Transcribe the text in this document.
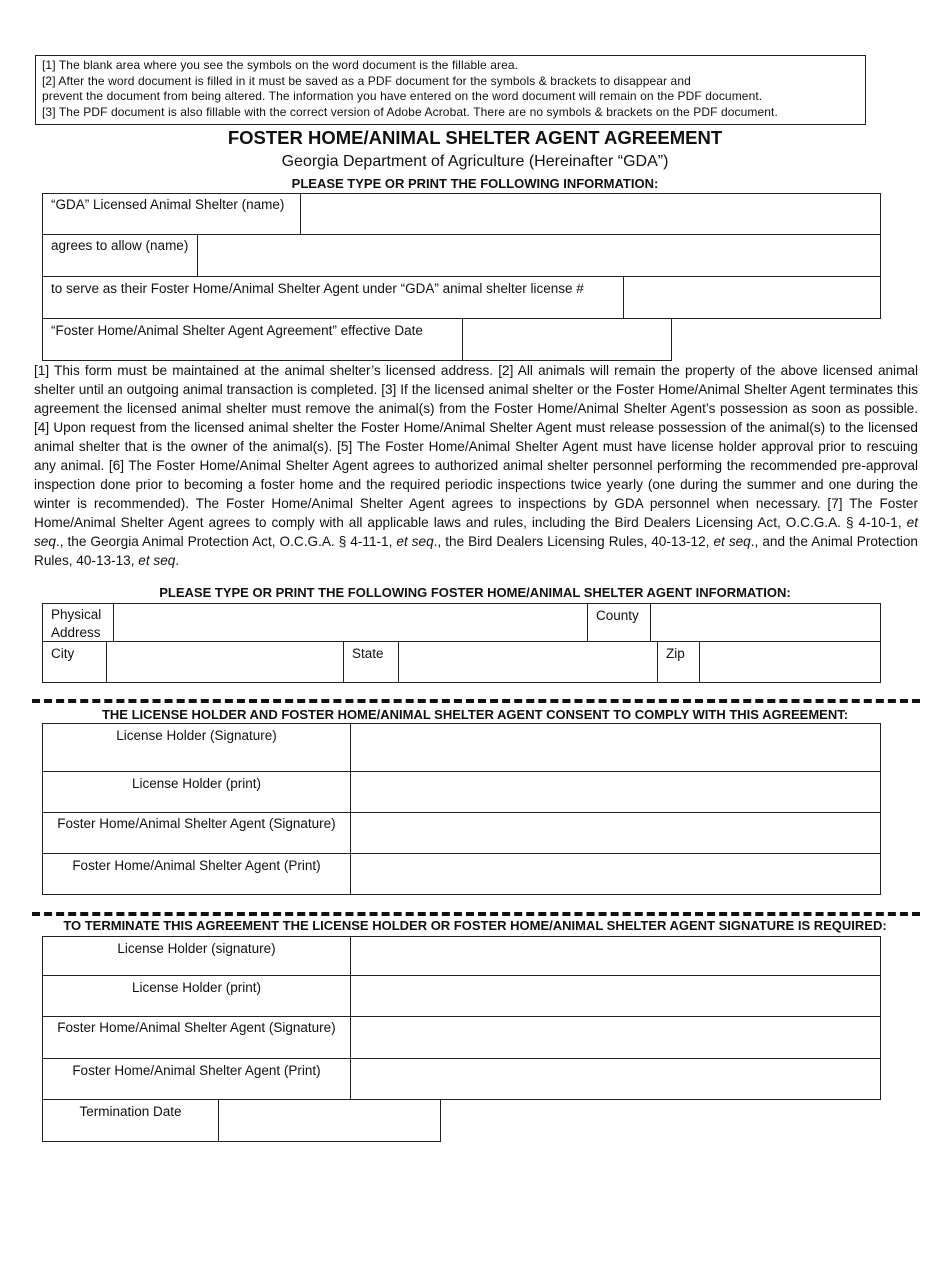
[1] The blank area where you see the symbols on the word document is the fillable area.
[2] After the word document is filled in it must be saved as a PDF document for the symbols & brackets to disappear and
prevent the document from being altered. The information you have entered on the word document will remain on the PDF document.
[3] The PDF document is also fillable with the correct version of Adobe Acrobat. There are no symbols & brackets on the PDF document.
FOSTER HOME/ANIMAL SHELTER AGENT AGREEMENT
Georgia Department of Agriculture (Hereinafter “GDA”)
PLEASE TYPE OR PRINT THE FOLLOWING INFORMATION:
“GDA” Licensed Animal Shelter (name)
agrees to allow (name)
to serve as their Foster Home/Animal Shelter Agent under “GDA” animal shelter license #
“Foster Home/Animal Shelter Agent Agreement” effective Date
[1] This form must be maintained at the animal shelter’s licensed address. [2] All animals will remain the property of the above licensed animal shelter until an outgoing animal transaction is completed. [3] If the licensed animal shelter or the Foster Home/Animal Shelter Agent terminates this agreement the licensed animal shelter must remove the animal(s) from the Foster Home/Animal Shelter Agent’s possession as soon as possible. [4] Upon request from the licensed animal shelter the Foster Home/Animal Shelter Agent must release possession of the animal(s) to the licensed animal shelter that is the owner of the animal(s). [5] The Foster Home/Animal Shelter Agent must have license holder approval prior to rescuing any animal. [6] The Foster Home/Animal Shelter Agent agrees to authorized animal shelter personnel performing the recommended pre-approval inspection done prior to becoming a foster home and the required periodic inspections twice yearly (one during the summer and one during the winter is recommended). The Foster Home/Animal Shelter Agent agrees to inspections by GDA personnel when necessary. [7] The Foster Home/Animal Shelter Agent agrees to comply with all applicable laws and rules, including the Bird Dealers Licensing Act, O.C.G.A. § 4-10-1, et seq., the Georgia Animal Protection Act, O.C.G.A. § 4-11-1, et seq., the Bird Dealers Licensing Rules, 40-13-12, et seq., and the Animal Protection Rules, 40-13-13, et seq.
PLEASE TYPE OR PRINT THE FOLLOWING FOSTER HOME/ANIMAL SHELTER AGENT INFORMATION:
Physical Address
County
City	State	Zip
THE LICENSE HOLDER AND FOSTER HOME/ANIMAL SHELTER AGENT CONSENT TO COMPLY WITH THIS AGREEMENT:
License Holder (Signature)
License Holder (print)
Foster Home/Animal Shelter Agent (Signature)
Foster Home/Animal Shelter Agent (Print)
TO TERMINATE THIS AGREEMENT THE LICENSE HOLDER OR FOSTER HOME/ANIMAL SHELTER AGENT SIGNATURE IS REQUIRED:
License Holder (signature)
License Holder (print)
Foster Home/Animal Shelter Agent (Signature)
Foster Home/Animal Shelter Agent (Print)
Termination Date
